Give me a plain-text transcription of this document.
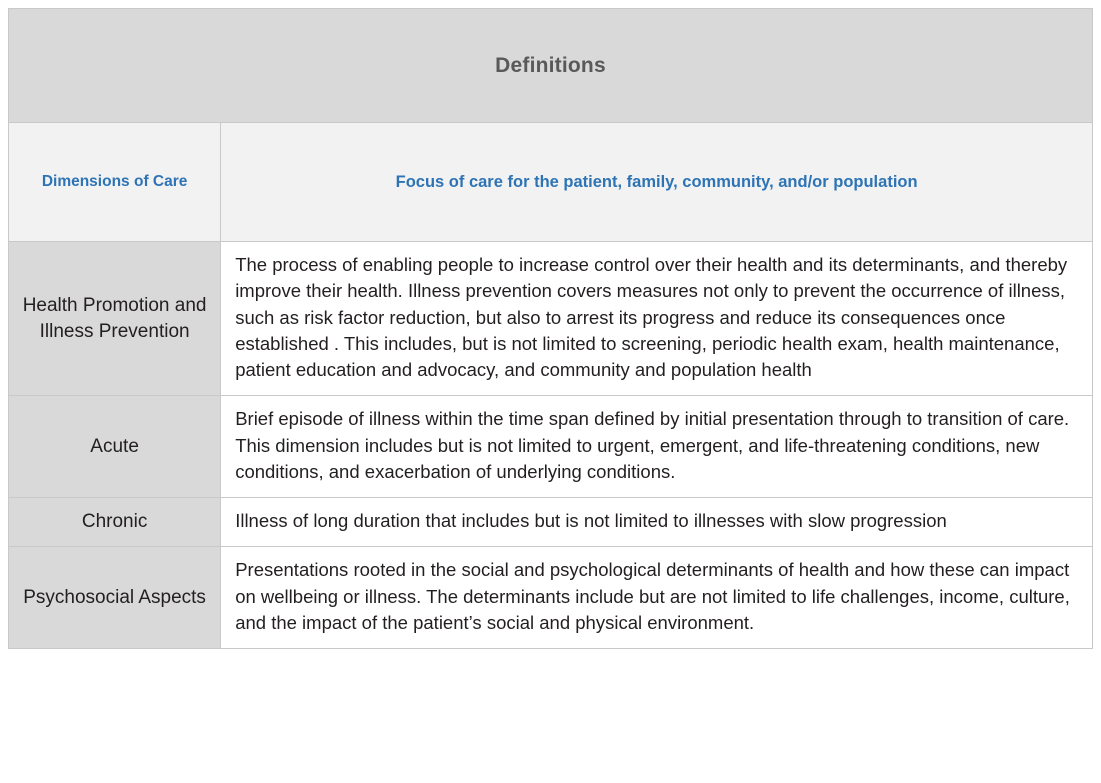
Definitions	
Dimensions of Care	Focus of care for the patient, family, community, and/or population
Health Promotion and Illness Prevention	The process of enabling people to increase control over their health and its determinants, and thereby improve their health. Illness prevention covers measures not only to prevent the occurrence of illness, such as risk factor reduction, but also to arrest its progress and reduce its consequences once established . This includes, but is not limited to screening, periodic health exam, health maintenance, patient education and advocacy, and community and population health
Acute	Brief episode of illness within the time span defined by initial presentation through to transition of care. This dimension includes but is not limited to urgent, emergent, and life-threatening conditions, new conditions, and exacerbation of underlying conditions.
Chronic	Illness of long duration that includes but is not limited to illnesses with slow progression
Psychosocial Aspects	Presentations rooted in the social and psychological determinants of health and how these can impact on wellbeing or illness. The determinants include but are not limited to life challenges, income, culture, and the impact of the patient’s social and physical environment.
